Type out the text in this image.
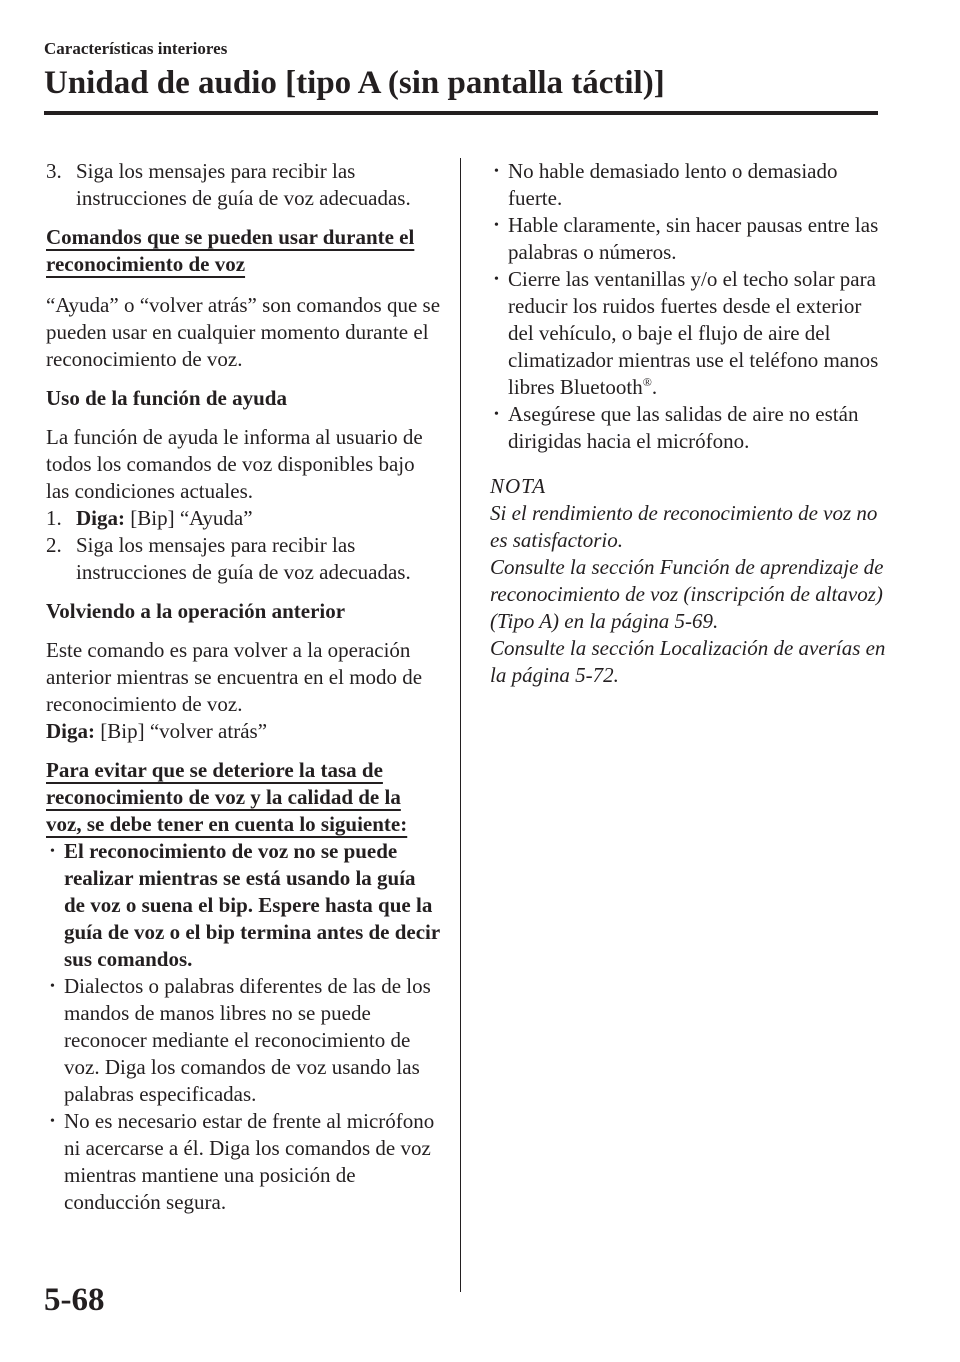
Características interiores
Unidad de audio [tipo A (sin pantalla táctil)]

3. Siga los mensajes para recibir las instrucciones de guía de voz adecuadas.

Comandos que se pueden usar durante el reconocimiento de voz

“Ayuda” o “volver atrás” son comandos que se pueden usar en cualquier momento durante el reconocimiento de voz.

Uso de la función de ayuda

La función de ayuda le informa al usuario de todos los comandos de voz disponibles bajo las condiciones actuales.

1. Diga: [Bip] “Ayuda”

2. Siga los mensajes para recibir las instrucciones de guía de voz adecuadas.

Volviendo a la operación anterior

Este comando es para volver a la operación anterior mientras se encuentra en el modo de reconocimiento de voz.

Diga: [Bip] “volver atrás”

Para evitar que se deteriore la tasa de reconocimiento de voz y la calidad de la voz, se debe tener en cuenta lo siguiente:

• El reconocimiento de voz no se puede realizar mientras se está usando la guía de voz o suena el bip. Espere hasta que la guía de voz o el bip termina antes de decir sus comandos.
• Dialectos o palabras diferentes de las de los mandos de manos libres no se puede reconocer mediante el reconocimiento de voz. Diga los comandos de voz usando las palabras especificadas.
• No es necesario estar de frente al micrófono ni acercarse a él. Diga los comandos de voz mientras mantiene una posición de conducción segura.
• No hable demasiado lento o demasiado fuerte.
• Hable claramente, sin hacer pausas entre las palabras o números.
• Cierre las ventanillas y/o el techo solar para reducir los ruidos fuertes desde el exterior del vehículo, o baje el flujo de aire del climatizador mientras use el teléfono manos libres Bluetooth®.
• Asegúrese que las salidas de aire no están dirigidas hacia el micrófono.

NOTA

Si el rendimiento de reconocimiento de voz no es satisfactorio.

Consulte la sección Función de aprendizaje de reconocimiento de voz (inscripción de altavoz) (Tipo A) en la página 5-69.

Consulte la sección Localización de averías en la página 5-72.

5-68
